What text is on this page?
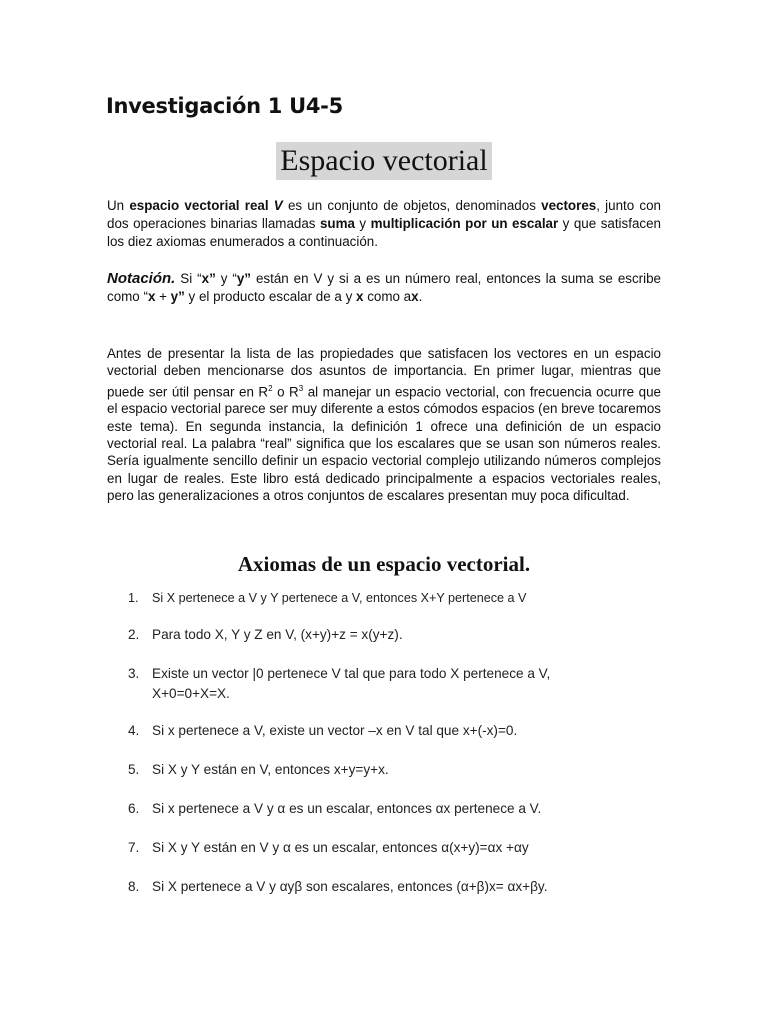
Investigación 1 U4-5
Espacio vectorial

Un espacio vectorial real V es un conjunto de objetos, denominados vectores, junto con dos operaciones binarias llamadas suma y multiplicación por un escalar y que satisfacen los diez axiomas enumerados a continuación.

Notación. Si “x” y “y” están en V y si a es un número real, entonces la suma se escribe como “x + y” y el producto escalar de a y x como ax.

Antes de presentar la lista de las propiedades que satisfacen los vectores en un espacio vectorial deben mencionarse dos asuntos de importancia. En primer lugar, mientras que puede ser útil pensar en $R^2$ o $R^3$ al manejar un espacio vectorial, con frecuencia ocurre que el espacio vectorial parece ser muy diferente a estos cómodos espacios (en breve tocaremos este tema). En segunda instancia, la definición 1 ofrece una definición de un espacio vectorial real. La palabra “real” significa que los escalares que se usan son números reales. Sería igualmente sencillo definir un espacio vectorial complejo utilizando números complejos en lugar de reales. Este libro está dedicado principalmente a espacios vectoriales reales, pero las generalizaciones a otros conjuntos de escalares presentan muy poca dificultad.

Axiomas de un espacio vectorial.
1.	Si X pertenece a V y Y pertenece a V, entonces X+Y pertenece a V
2. Para todo X, Y y Z en V, (x+y)+z = x(y+z).
3. Existe un vector |0 pertenece V tal que para todo X pertenece a V, X+0=0+X=X.
4. Si x pertenece a V, existe un vector –x en V tal que x+(-x)=0.
5. Si X y Y están en V, entonces x+y=y+x.
6. Si x pertenece a V y α es un escalar, entonces αx pertenece a V.
7. Si X y Y están en V y α es un escalar, entonces α(x+y)=αx +αy
8. Si X pertenece a V y αyβ son escalares, entonces (α+β)x= αx+βy.
